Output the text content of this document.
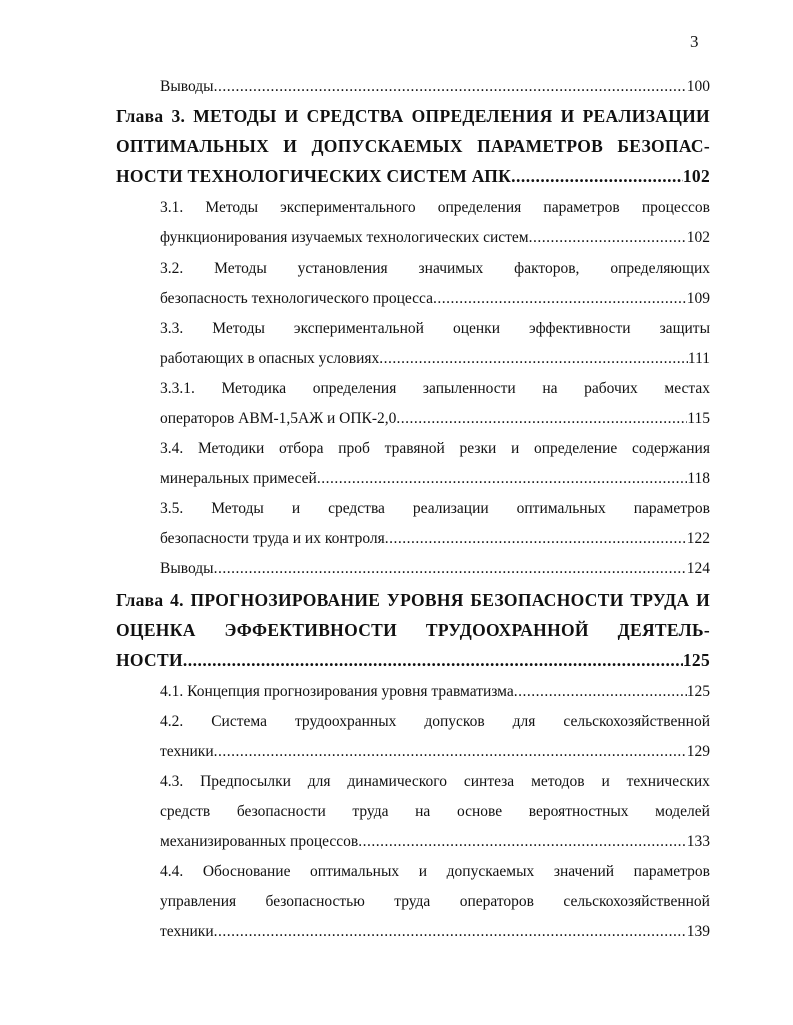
3
Выводы .....	100
Глава 3. МЕТОДЫ И СРЕДСТВА ОПРЕДЕЛЕНИЯ И РЕАЛИЗАЦИИ
ОПТИМАЛЬНЫХ И ДОПУСКАЕМЫХ ПАРАМЕТРОВ БЕЗОПАС-
НОСТИ ТЕХНОЛОГИЧЕСКИХ СИСТЕМ АПК .....	102
3.1. Методы экспериментального определения параметров процессов
функционирования изучаемых технологических систем .....	102
3.2. Методы установления значимых факторов, определяющих
безопасность технологического процесса .....	109
3.3. Методы экспериментальной оценки эффективности защиты
работающих в опасных условиях .....	111
3.3.1. Методика определения запыленности на рабочих местах
операторов АВМ-1,5АЖ и ОПК-2,0 .....	115
3.4. Методики отбора проб травяной резки и определение содержания
минеральных примесей .....	118
3.5. Методы и средства реализации оптимальных параметров
безопасности труда и их контроля .....	122
Выводы .....	124
Глава 4. ПРОГНОЗИРОВАНИЕ УРОВНЯ БЕЗОПАСНОСТИ ТРУДА И
ОЦЕНКА ЭФФЕКТИВНОСТИ ТРУДООХРАННОЙ ДЕЯТЕЛЬ-
НОСТИ .....	125
4.1. Концепция прогнозирования уровня травматизма .....	125
4.2. Система трудоохранных допусков для сельскохозяйственной
техники .....	129
4.3. Предпосылки для динамического синтеза методов и технических
средств безопасности труда на основе вероятностных моделей
механизированных процессов .....	133
4.4. Обоснование оптимальных и допускаемых значений параметров
управления безопасностью труда операторов сельскохозяйственной
техники .....	139
